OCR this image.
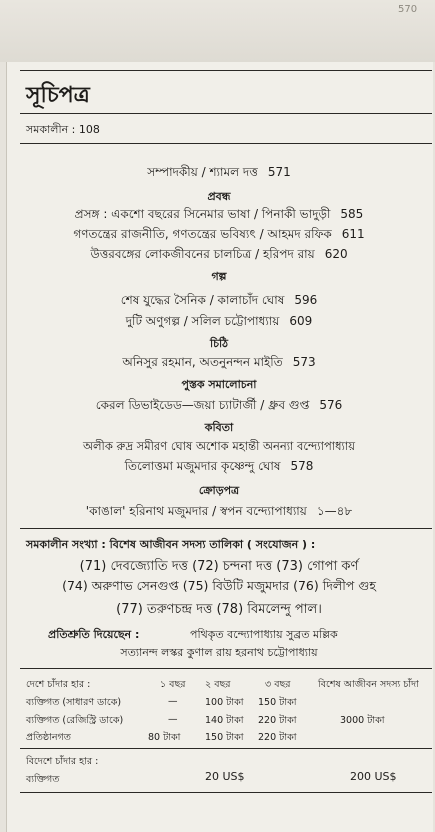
570
সূচিপত্র
সমকালীন : 108
সম্পাদকীয় / শ্যামল দত্ত 571
প্রবন্ধ
প্রসঙ্গ : একশো বছরের সিনেমার ভাষা / পিনাকী ভাদুড়ী 585
গণতন্ত্রের রাজনীতি, গণতন্ত্রের ভবিষ্যৎ / আহমদ রফিক 611
উত্তরবঙ্গের লোকজীবনের চালচিত্র / হরিপদ রায় 620
গল্প
শেষ যুদ্ধের সৈনিক / কালাচাঁদ ঘোষ 596
দুটি অণুগল্প / সলিল চট্টোপাধ্যায় 609
চিঠি
অনিসুর রহমান, অতনুনন্দন মাইতি 573
পুস্তক সমালোচনা
কেরল ডিভাইডেড—জয়া চ্যাটার্জী / ধ্রুব গুপ্ত 576
কবিতা
অলীক রুদ্র সমীরণ ঘোষ অশোক মহান্তী অনন্যা বন্দ্যোপাধ্যায়
তিলোত্তমা মজুমদার কৃষ্ণেন্দু ঘোষ 578
ক্রোড়পত্র
'কাঙাল' হরিনাথ মজুমদার / স্বপন বন্দ্যোপাধ্যায় ১—৪৮
সমকালীন সংখ্যা : বিশেষ আজীবন সদস্য তালিকা ( সংযোজন ) :
(71) দেবজ্যোতি দত্ত (72) চন্দনা দত্ত (73) গোপা কর্ণ
(74) অরুণাভ সেনগুপ্ত (75) বিউটি মজুমদার (76) দিলীপ গুহ
(77) তরুণচন্দ্র দত্ত (78) বিমলেন্দু পাল।
প্রতিশ্রুতি দিয়েছেন :	পথিকৃত বন্দ্যোপাধ্যায় সুব্রত মল্লিক
সত্যানন্দ লস্কর কুণাল রায় হরনাথ চট্টোপাধ্যায়
দেশে চাঁদার হার :	১ বছর ২ বছর	৩ বছর	বিশেষ আজীবন সদস্য চাঁদা
ব্যক্তিগত (সাধারণ ডাকে)	—	100 টাকা 150 টাকা
ব্যক্তিগত (রেজিস্ট্রি ডাকে)	—	140 টাকা 220 টাকা	3000 টাকা
প্রতিষ্ঠানগত	80 টাকা	150 টাকা 220 টাকা
বিদেশে চাঁদার হার :
ব্যক্তিগত	20 US$	200 US$
